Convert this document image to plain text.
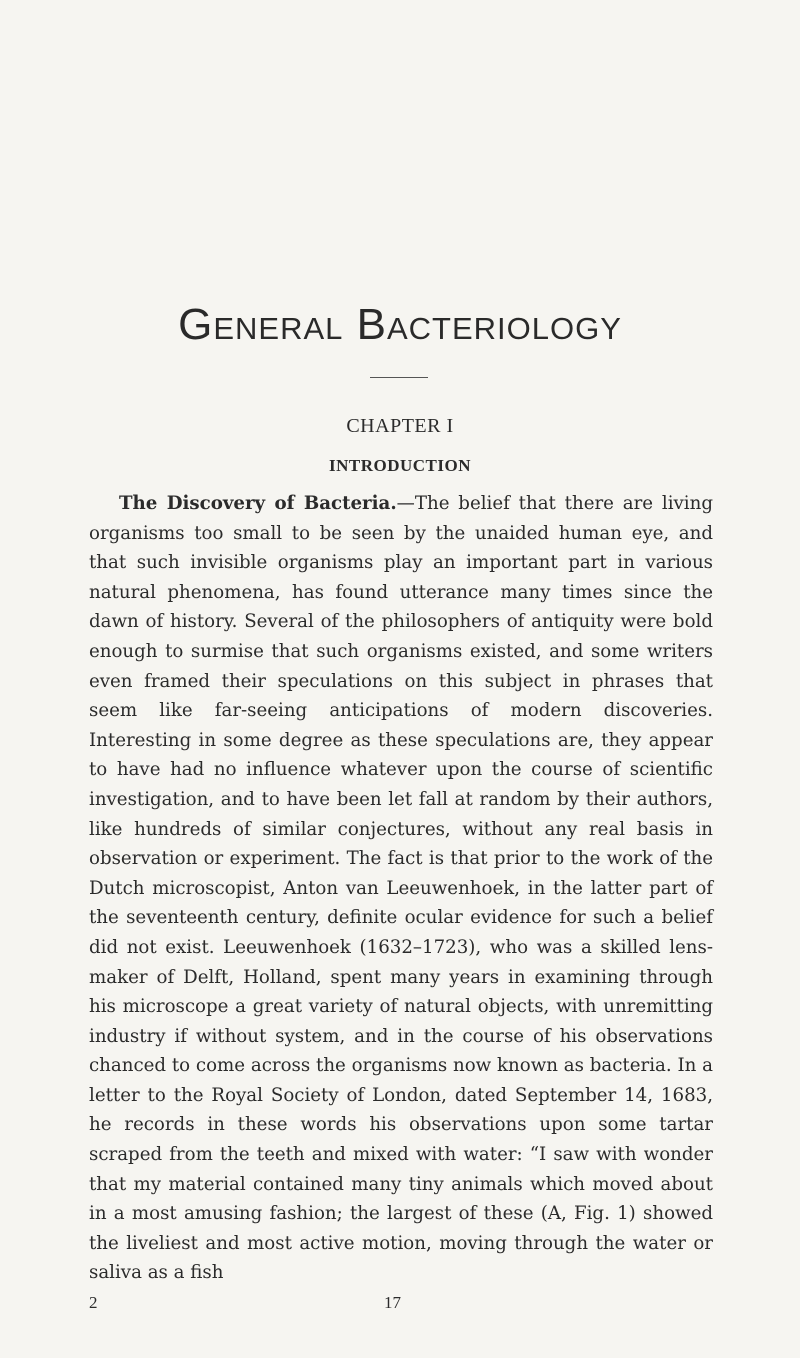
General Bacteriology
CHAPTER I
INTRODUCTION

The Discovery of Bacteria.—The belief that there are living organisms too small to be seen by the unaided human eye, and that such invisible organisms play an important part in various natural phenomena, has found utterance many times since the dawn of history. Several of the philosophers of antiquity were bold enough to surmise that such organisms existed, and some writers even framed their speculations on this subject in phrases that seem like far-seeing anticipations of modern discoveries. Interesting in some degree as these speculations are, they appear to have had no influence whatever upon the course of scientific investigation, and to have been let fall at random by their authors, like hundreds of similar conjectures, without any real basis in observation or experiment. The fact is that prior to the work of the Dutch microscopist, Anton van Leeuwenhoek, in the latter part of the seventeenth century, definite ocular evidence for such a belief did not exist. Leeuwenhoek (1632–1723), who was a skilled lens-maker of Delft, Holland, spent many years in examining through his microscope a great variety of natural objects, with unremitting industry if without system, and in the course of his observations chanced to come across the organisms now known as bacteria. In a letter to the Royal Society of London, dated September 14, 1683, he records in these words his observations upon some tartar scraped from the teeth and mixed with water: “I saw with wonder that my material contained many tiny animals which moved about in a most amusing fashion; the largest of these (A, Fig. 1) showed the liveliest and most active motion, moving through the water or saliva as a fish

2	17
